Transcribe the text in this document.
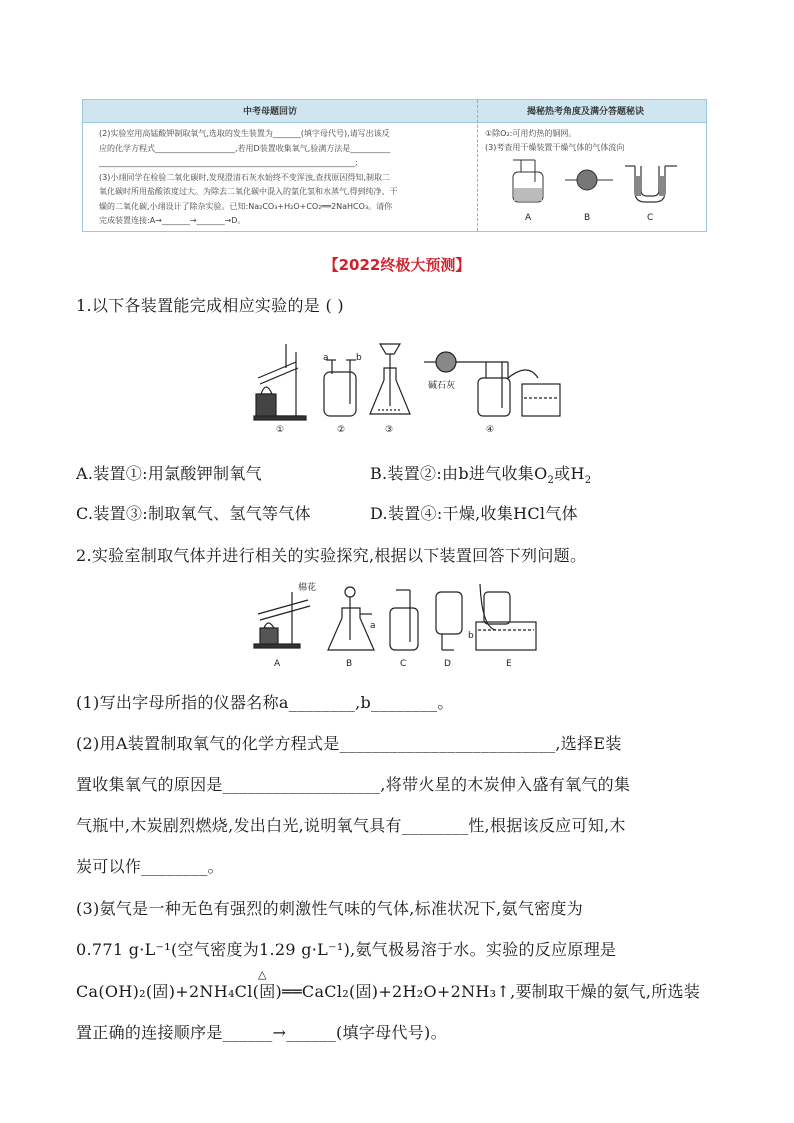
中考母题回访	揭秘热考角度及满分答题秘诀

(2)实验室用高锰酸钾制取氧气,选取的发生装置为_______(填字母代号),请写出该反

应的化学方程式____________________,若用D装置收集氧气,验满方法是__________

________________________________________________________________;

(3)小翊同学在检验二氧化碳时,发现澄清石灰水始终不变浑浊,查找原因得知,制取二

氧化碳时所用盐酸浓度过大。为除去二氧化碳中混入的氯化氢和水蒸气,得到纯净、干

燥的二氧化碳,小翊设计了除杂实验。已知:Na₂CO₃+H₂O+CO₂══2NaHCO₃。请你

完成装置连接:A→_______→_______→D。

①除O₂:可用灼热的铜网。

(3)考查用干燥装置干燥气体的气体流向

A	B	C
【2022终极大预测】
1.以下各装置能完成相应实验的是 ( )
①
a	b
②	③
碱石灰
④
A.装置①:用氯酸钾制氧气	B.装置②:由b进气收集$O_2$或$H_2$
C.装置③:制取氧气、氢气等气体	D.装置④:干燥,收集HCl气体
2.实验室制取气体并进行相关的实验探究,根据以下装置回答下列问题。
棉花
A
a
B	C	D
b
E
(1)写出字母所指的仪器名称a________,b________。
(2)用A装置制取氧气的化学方程式是__________________________,选择E装
置收集氧气的原因是___________________,将带火星的木炭伸入盛有氧气的集
气瓶中,木炭剧烈燃烧,发出白光,说明氧气具有________性,根据该反应可知,木
炭可以作________。
(3)氨气是一种无色有强烈的刺激性气味的气体,标准状况下,氨气密度为
0.771 g·L⁻¹(空气密度为1.29 g·L⁻¹),氨气极易溶于水。实验的反应原理是
Ca(OH)₂(固)+2NH₄Cl(固)══CaCl₂(固)+2H₂O+2NH₃↑,要制取干燥的氨气,所选装
△
置正确的连接顺序是______→______(填字母代号)。
